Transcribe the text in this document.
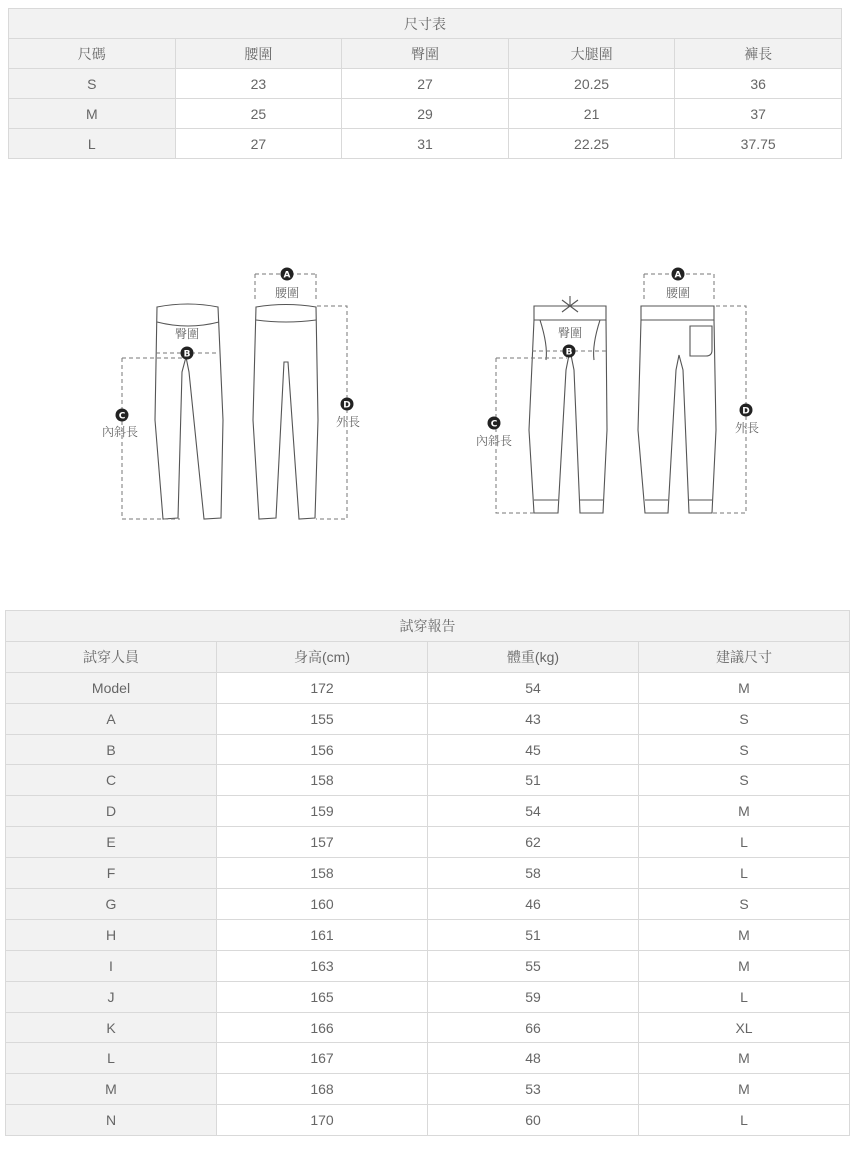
尺寸表				
尺碼	腰圍	臀圍	大腿圍	褲長
S	23	27	20.25	36
M	25	29	21	37
L	27	31	22.25	37.75
A
腰圍
臀圍
B
C
內斜長
D
外長
A
腰圍
臀圍
B
C
內斜長
D
外長
試穿報告			
試穿人員	身高(cm)	體重(kg)	建議尺寸
Model	172	54	M
A	155	43	S
B	156	45	S
C	158	51	S
D	159	54	M
E	157	62	L
F	158	58	L
G	160	46	S
H	161	51	M
I	163	55	M
J	165	59	L
K	166	66	XL
L	167	48	M
M	168	53	M
N	170	60	L
